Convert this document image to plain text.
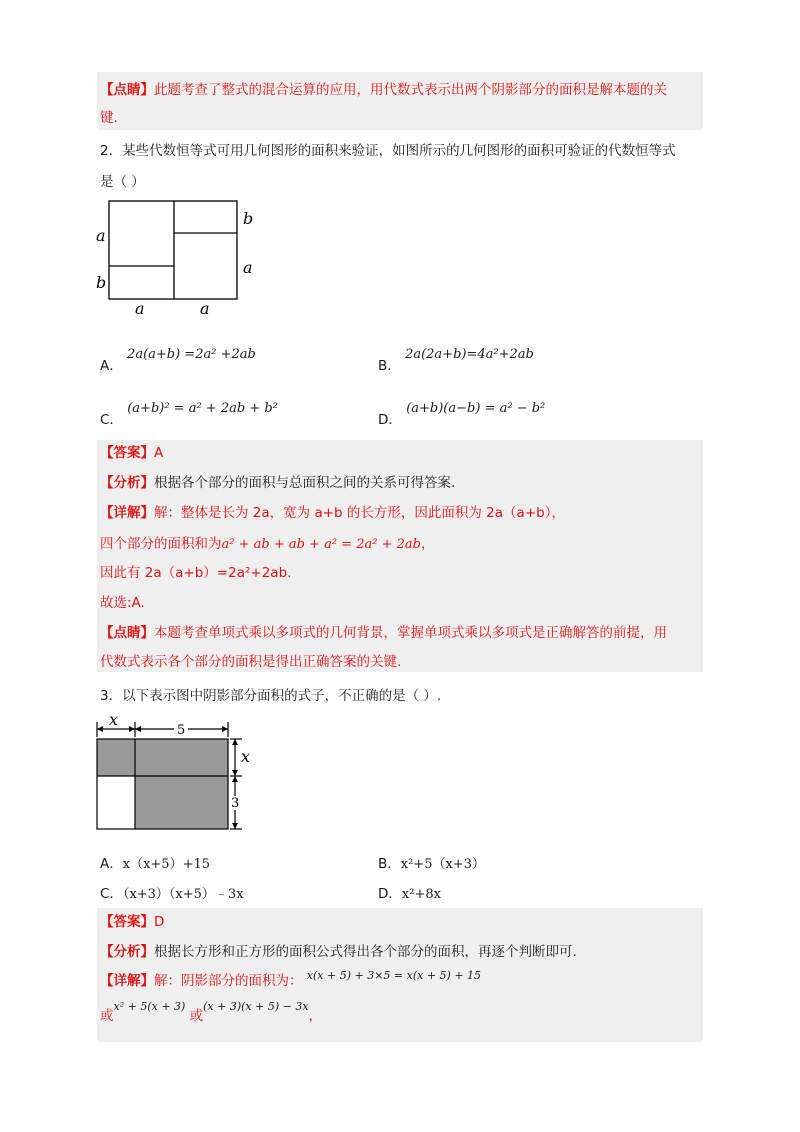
【点睛】此题考查了整式的混合运算的应用，用代数式表示出两个阴影部分的面积是解本题的关
键.
2．某些代数恒等式可用几何图形的面积来验证，如图所示的几何图形的面积可验证的代数恒等式
是（ ）
a
b
b
a
a	a
A． 2a(a+b) =2a² +2ab
B． 2a(2a+b)=4a²+2ab
C． (a+b)² = a² + 2ab + b²
D． (a+b)(a−b) = a² − b²
【答案】A
【分析】根据各个部分的面积与总面积之间的关系可得答案.
【详解】解：整体是长为 2a，宽为 a+b 的长方形，因此面积为 2a（a+b），
四个部分的面积和为a² + ab + ab + a² = 2a² + 2ab，
因此有 2a（a+b）=2a²+2ab.
故选:A.
【点睛】本题考查单项式乘以多项式的几何背景，掌握单项式乘以多项式是正确解答的前提，用
代数式表示各个部分的面积是得出正确答案的关键.
3．以下表示图中阴影部分面积的式子，不正确的是（ ）.
x
5
x
3
A．x（x+5）+15	B．x²+5（x+3）
C．（x+3）（x+5）﹣3x	D．x²+8x
【答案】D
【分析】根据长方形和正方形的面积公式得出各个部分的面积，再逐个判断即可.
【详解】解：阴影部分的面积为： $^{x(x + 5) + 3\times 5 = x(x + 5) + 15}$
或$^{x^2 + 5(x + 3)}$ 或$^{(x + 3)(x + 5) - 3x}$，
